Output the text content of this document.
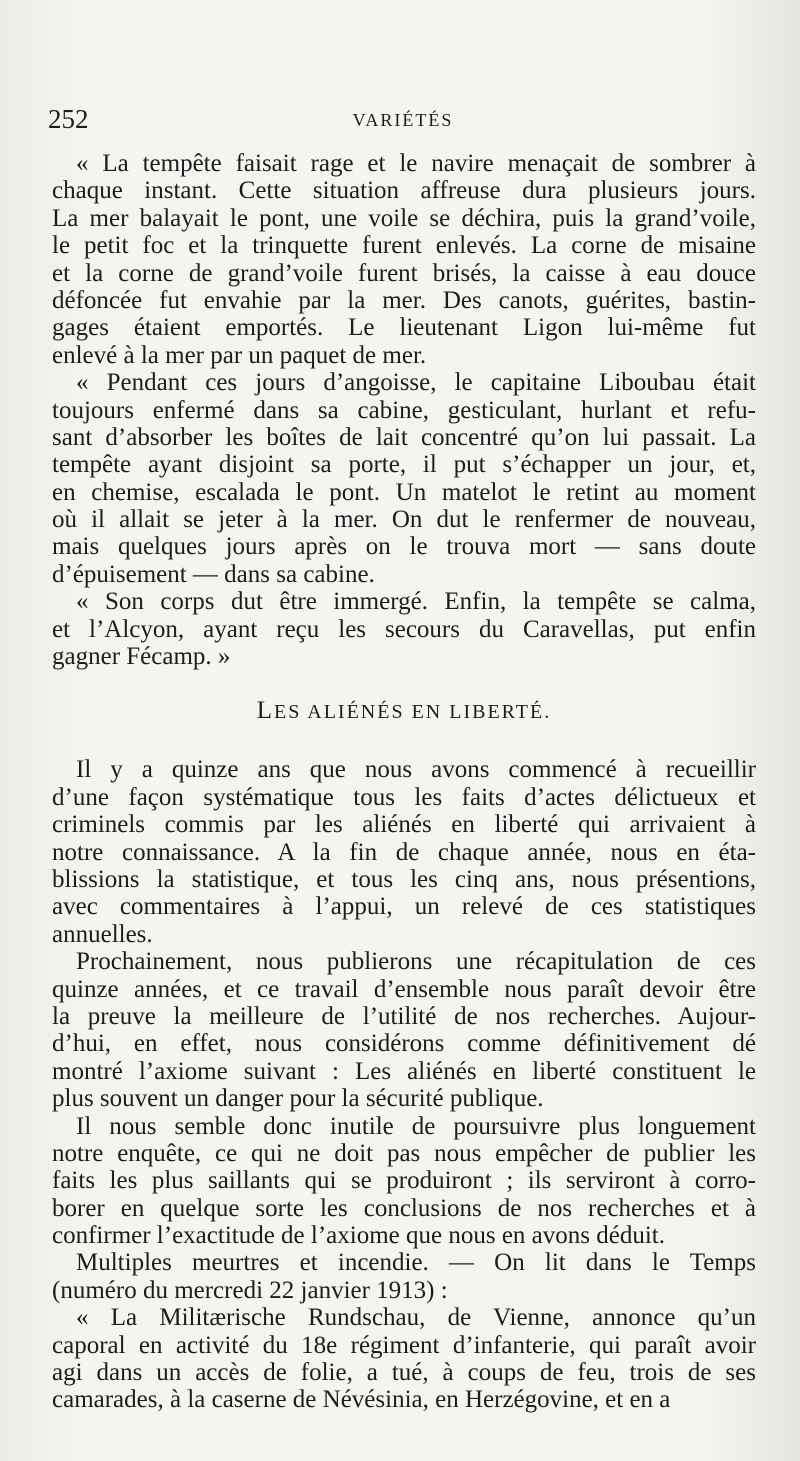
252	VARIÉTÉS
« La tempête faisait rage et le navire menaçait de sombrer à
chaque instant. Cette situation affreuse dura plusieurs jours.
La mer balayait le pont, une voile se déchira, puis la grand’voile,
le petit foc et la trinquette furent enlevés. La corne de misaine
et la corne de grand’voile furent brisés, la caisse à eau douce
défoncée fut envahie par la mer. Des canots, guérites, bastin-
gages étaient emportés. Le lieutenant Ligon lui-même fut
enlevé à la mer par un paquet de mer.
« Pendant ces jours d’angoisse, le capitaine Liboubau était
toujours enfermé dans sa cabine, gesticulant, hurlant et refu-
sant d’absorber les boîtes de lait concentré qu’on lui passait. La
tempête ayant disjoint sa porte, il put s’échapper un jour, et,
en chemise, escalada le pont. Un matelot le retint au moment
où il allait se jeter à la mer. On dut le renfermer de nouveau,
mais quelques jours après on le trouva mort — sans doute
d’épuisement — dans sa cabine.
« Son corps dut être immergé. Enfin, la tempête se calma,
et l’Alcyon, ayant reçu les secours du Caravellas, put enfin
gagner Fécamp. »
LES ALIÉNÉS EN LIBERTÉ.
Il y a quinze ans que nous avons commencé à recueillir
d’une façon systématique tous les faits d’actes délictueux et
criminels commis par les aliénés en liberté qui arrivaient à
notre connaissance. A la fin de chaque année, nous en éta-
blissions la statistique, et tous les cinq ans, nous présentions,
avec commentaires à l’appui, un relevé de ces statistiques
annuelles.
Prochainement, nous publierons une récapitulation de ces
quinze années, et ce travail d’ensemble nous paraît devoir être
la preuve la meilleure de l’utilité de nos recherches. Aujour-
d’hui, en effet, nous considérons comme définitivement dé
montré l’axiome suivant : Les aliénés en liberté constituent le
plus souvent un danger pour la sécurité publique.
Il nous semble donc inutile de poursuivre plus longuement
notre enquête, ce qui ne doit pas nous empêcher de publier les
faits les plus saillants qui se produiront ; ils serviront à corro-
borer en quelque sorte les conclusions de nos recherches et à
confirmer l’exactitude de l’axiome que nous en avons déduit.
Multiples meurtres et incendie. — On lit dans le Temps
(numéro du mercredi 22 janvier 1913) :
« La Militærische Rundschau, de Vienne, annonce qu’un
caporal en activité du 18e régiment d’infanterie, qui paraît avoir
agi dans un accès de folie, a tué, à coups de feu, trois de ses
camarades, à la caserne de Névésinia, en Herzégovine, et en a
